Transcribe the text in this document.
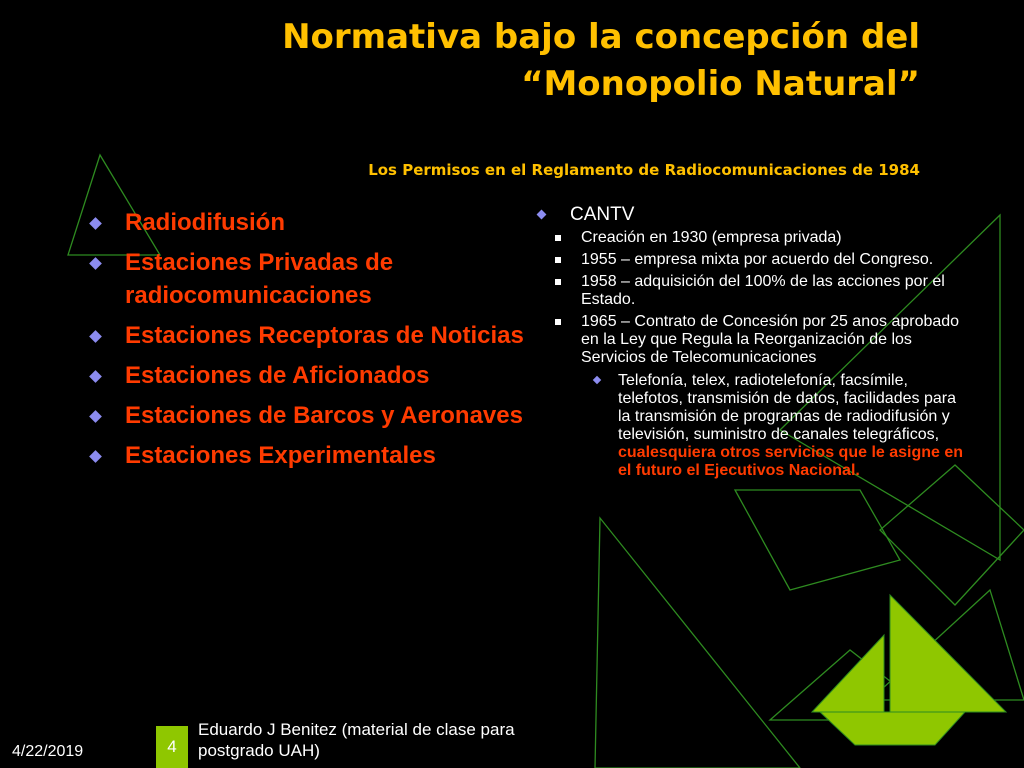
Normativa bajo la concepción del
“Monopolio Natural”
Los Permisos en el Reglamento de Radiocomunicaciones de 1984
Radiodifusión
Estaciones Privadas de radiocomunicaciones
Estaciones Receptoras de Noticias
Estaciones de Aficionados
Estaciones de Barcos y Aeronaves
Estaciones Experimentales
CANTV
Creación en 1930 (empresa privada)
1955 – empresa mixta por acuerdo del Congreso.
1958 – adquisición del 100% de las acciones por el Estado.
1965 – Contrato de Concesión por 25 anos aprobado en la Ley que Regula la Reorganización de los Servicios de Telecomunicaciones
Telefonía, telex, radiotelefonía, facsímile, telefotos, transmisión de datos, facilidades para la transmisión de programas de radiodifusión y televisión, suministro de canales telegráficos, cualesquiera otros servicios que le asigne en el futuro el Ejecutivos Nacional.
4/22/2019	4
Eduardo J Benitez (material de clase para postgrado UAH)
